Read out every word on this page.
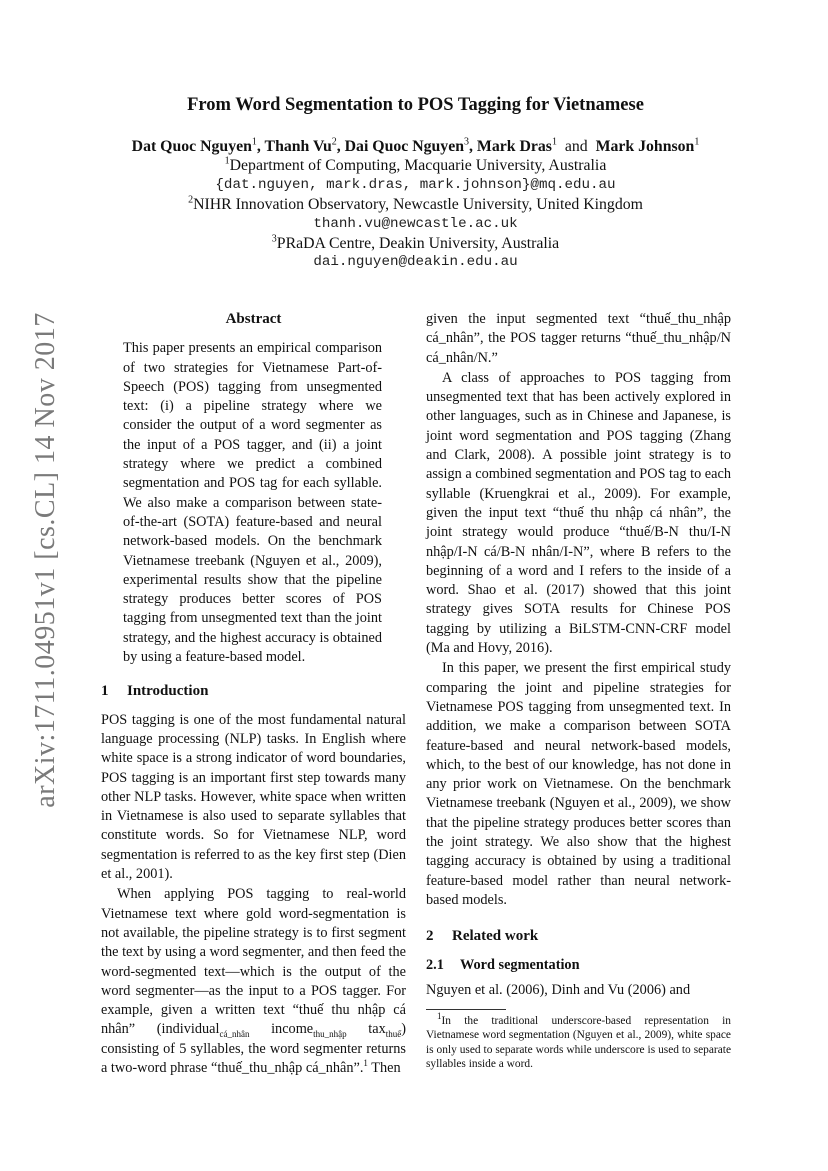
arXiv:1711.04951v1 [cs.CL] 14 Nov 2017
From Word Segmentation to POS Tagging for Vietnamese
Dat Quoc Nguyen$^1$, Thanh Vu$^2$, Dai Quoc Nguyen$^3$, Mark Dras$^1$ and Mark Johnson$^1$
$^1$Department of Computing, Macquarie University, Australia
{dat.nguyen, mark.dras, mark.johnson}@mq.edu.au
$^2$NIHR Innovation Observatory, Newcastle University, United Kingdom
thanh.vu@newcastle.ac.uk
$^3$PRaDA Centre, Deakin University, Australia
dai.nguyen@deakin.edu.au
Abstract

This paper presents an empirical comparison of two strategies for Vietnamese Part-of-Speech (POS) tagging from unsegmented text: (i) a pipeline strategy where we consider the output of a word segmenter as the input of a POS tagger, and (ii) a joint strategy where we predict a combined segmentation and POS tag for each syllable. We also make a comparison between state-of-the-art (SOTA) feature-based and neural network-based models. On the benchmark Vietnamese treebank (Nguyen et al., 2009), experimental results show that the pipeline strategy produces better scores of POS tagging from unsegmented text than the joint strategy, and the highest accuracy is obtained by using a feature-based model.

1 Introduction

POS tagging is one of the most fundamental natural language processing (NLP) tasks. In English where white space is a strong indicator of word boundaries, POS tagging is an important first step towards many other NLP tasks. However, white space when written in Vietnamese is also used to separate syllables that constitute words. So for Vietnamese NLP, word segmentation is referred to as the key first step (Dien et al., 2001).

When applying POS tagging to real-world Vietnamese text where gold word-segmentation is not available, the pipeline strategy is to first segment the text by using a word segmenter, and then feed the word-segmented text—which is the output of the word segmenter—as the input to a POS tagger. For example, given a written text “thuế thu nhập cá nhân” (individual$_{cá\_nhân}$ income$_{thu\_nhập}$ tax$_{thuế}$) consisting of 5 syllables, the word segmenter returns a two-word phrase “thuế_thu_nhập cá_nhân”.$^1$ Then

given the input segmented text “thuế_thu_nhập cá_nhân”, the POS tagger returns “thuế_thu_nhập/N cá_nhân/N.”

A class of approaches to POS tagging from unsegmented text that has been actively explored in other languages, such as in Chinese and Japanese, is joint word segmentation and POS tagging (Zhang and Clark, 2008). A possible joint strategy is to assign a combined segmentation and POS tag to each syllable (Kruengkrai et al., 2009). For example, given the input text “thuế thu nhập cá nhân”, the joint strategy would produce “thuế/B-N thu/I-N nhập/I-N cá/B-N nhân/I-N”, where B refers to the beginning of a word and I refers to the inside of a word. Shao et al. (2017) showed that this joint strategy gives SOTA results for Chinese POS tagging by utilizing a BiLSTM-CNN-CRF model (Ma and Hovy, 2016).

In this paper, we present the first empirical study comparing the joint and pipeline strategies for Vietnamese POS tagging from unsegmented text. In addition, we make a comparison between SOTA feature-based and neural network-based models, which, to the best of our knowledge, has not done in any prior work on Vietnamese. On the benchmark Vietnamese treebank (Nguyen et al., 2009), we show that the pipeline strategy produces better scores than the joint strategy. We also show that the highest tagging accuracy is obtained by using a traditional feature-based model rather than neural network-based models.

2 Related work
2.1 Word segmentation

Nguyen et al. (2006), Dinh and Vu (2006) and

$^1$In the traditional underscore-based representation in Vietnamese word segmentation (Nguyen et al., 2009), white space is only used to separate words while underscore is used to separate syllables inside a word.
